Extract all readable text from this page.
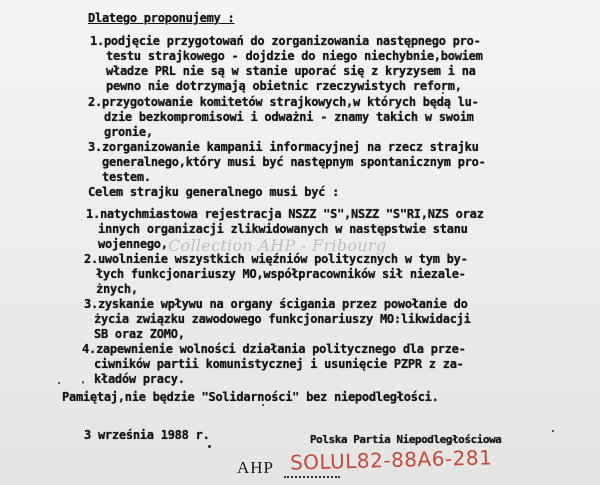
Dlatego proponujemy :
1.podjęcie przygotowań do zorganizowania następnego pro-
testu strajkowego - dojdzie do niego niechybnie,bowiem
władze PRL nie są w stanie uporać się z kryzysem i na
pewno nie dotrzymają obietnic rzeczywistych reform,
2.przygotowanie komitetów strajkowych,w których będą lu-
dzie bezkompromisowi i odważni - znamy takich w swoim
gronie,
3.zorganizowanie kampanii informacyjnej na rzecz strajku
generalnego,który musi być następnym spontanicznym pro-
testem.
Celem strajku generalnego musi być :
1.natychmiastowa rejestracja NSZZ "S",NSZZ "S"RI,NZS oraz
innych organizacji zlikwidowanych w następstwie stanu
wojennego,
2.uwolnienie wszystkich więźniów politycznych w tym by-
łych funkcjonariuszy MO,współpracowników sił niezale-
żnych,
3.zyskanie wpływu na organy ścigania przez powołanie do
życia związku zawodowego funkcjonariuszy MO:likwidacji
SB oraz ZOMO,
4.zapewnienie wolności działania politycznego dla prze-
ciwników partii komunistycznej i usunięcie PZPR z za-
kładów pracy.
Pamiętaj,nie będzie "Solidarności" bez niepodległości.
3 września 1988 r.	Polska Partia Niepodległościowa
'
Collection AHP - Fribourg
AHP SOLUL82-88A6-281
